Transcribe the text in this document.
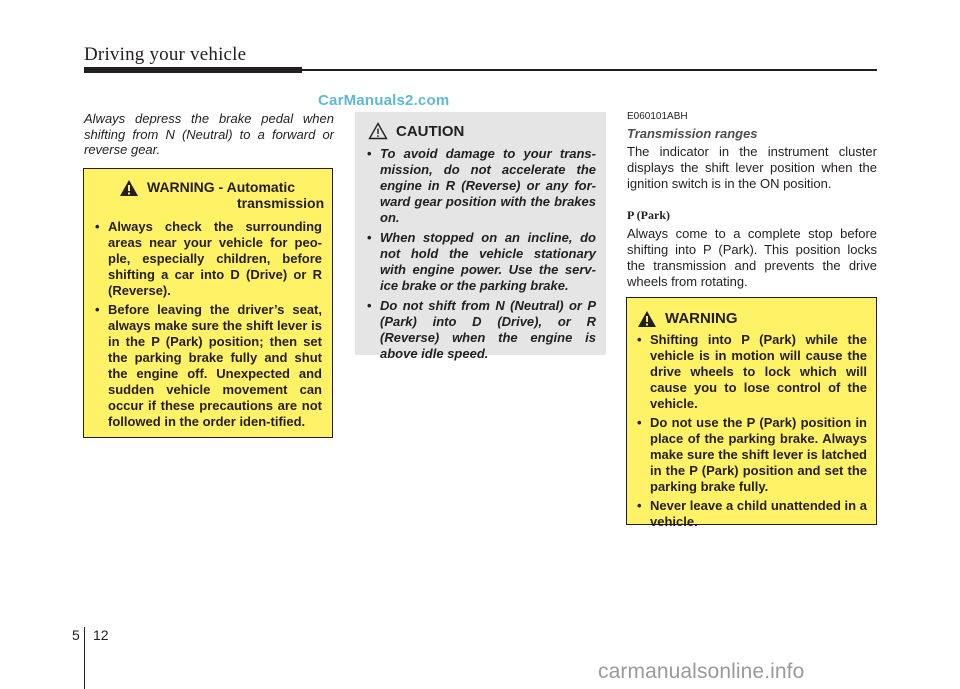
Driving your vehicle
CarManuals2.com
Always depress the brake pedal when shifting from N (Neutral) to a forward or reverse gear.
WARNING - Automatic
transmission
• Always check the surrounding areas near your vehicle for peo-ple, especially children, before shifting a car into D (Drive) or R (Reverse).
• Before leaving the driver’s seat, always make sure the shift lever is in the P (Park) position; then set the parking brake fully and shut the engine off. Unexpected and sudden vehicle movement can occur if these precautions are not followed in the order iden-tified.
CAUTION
• To avoid damage to your trans-mission, do not accelerate the engine in R (Reverse) or any for-ward gear position with the brakes on.
• When stopped on an incline, do not hold the vehicle stationary with engine power. Use the serv-ice brake or the parking brake.
• Do not shift from N (Neutral) or P (Park) into D (Drive), or R (Reverse) when the engine is above idle speed.
E060101ABH
Transmission ranges
The indicator in the instrument cluster displays the shift lever position when the ignition switch is in the ON position.
P (Park)
Always come to a complete stop before shifting into P (Park). This position locks the transmission and prevents the drive wheels from rotating.
WARNING
• Shifting into P (Park) while the vehicle is in motion will cause the drive wheels to lock which will cause you to lose control of the vehicle.
• Do not use the P (Park) position in place of the parking brake. Always make sure the shift lever is latched in the P (Park) position and set the parking brake fully.
• Never leave a child unattended in a vehicle.
5 12
carmanualsonline.info
